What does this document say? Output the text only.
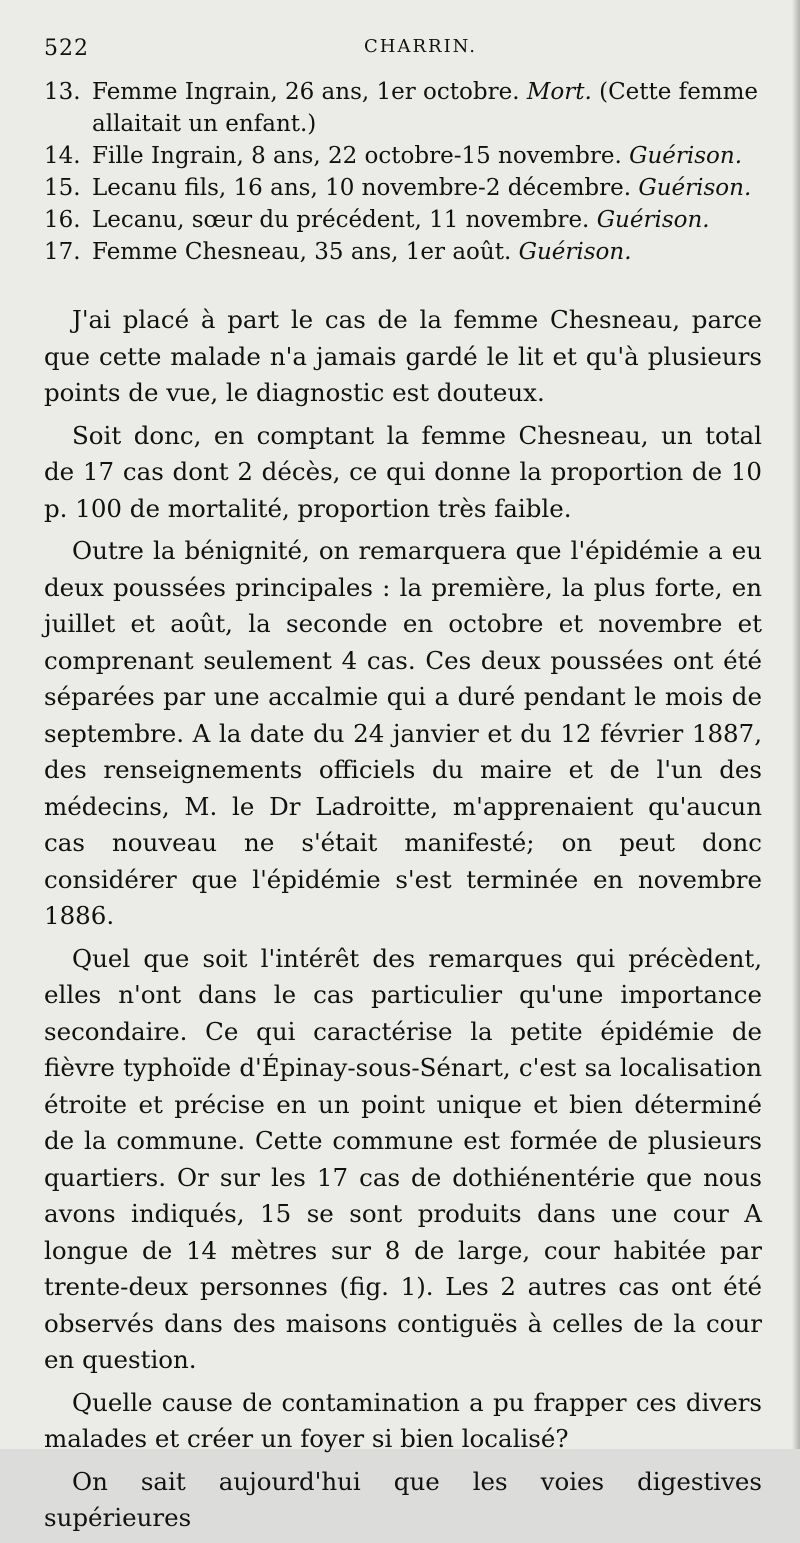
522	CHARRIN.
13. Femme Ingrain, 26 ans, 1er octobre. Mort. (Cette femme allaitait un enfant.)
14. Fille Ingrain, 8 ans, 22 octobre-15 novembre. Guérison.
15. Lecanu fils, 16 ans, 10 novembre-2 décembre. Guérison.
16. Lecanu, sœur du précédent, 11 novembre. Guérison.
17. Femme Chesneau, 35 ans, 1er août. Guérison.

J'ai placé à part le cas de la femme Chesneau, parce que cette malade n'a jamais gardé le lit et qu'à plusieurs points de vue, le diagnostic est douteux.

Soit donc, en comptant la femme Chesneau, un total de 17 cas dont 2 décès, ce qui donne la proportion de 10 p. 100 de mortalité, proportion très faible.

Outre la bénignité, on remarquera que l'épidémie a eu deux poussées principales : la première, la plus forte, en juillet et août, la seconde en octobre et novembre et comprenant seulement 4 cas. Ces deux poussées ont été séparées par une accalmie qui a duré pendant le mois de septembre. A la date du 24 janvier et du 12 février 1887, des renseignements officiels du maire et de l'un des médecins, M. le Dr Ladroitte, m'apprenaient qu'aucun cas nouveau ne s'était manifesté; on peut donc considérer que l'épidémie s'est terminée en novembre 1886.

Quel que soit l'intérêt des remarques qui précèdent, elles n'ont dans le cas particulier qu'une importance secondaire. Ce qui caractérise la petite épidémie de fièvre typhoïde d'Épinay-sous-Sénart, c'est sa localisation étroite et précise en un point unique et bien déterminé de la commune. Cette commune est formée de plusieurs quartiers. Or sur les 17 cas de dothiénentérie que nous avons indiqués, 15 se sont produits dans une cour A longue de 14 mètres sur 8 de large, cour habitée par trente-deux personnes (fig. 1). Les 2 autres cas ont été observés dans des maisons contiguës à celles de la cour en question.

Quelle cause de contamination a pu frapper ces divers malades et créer un foyer si bien localisé?

On sait aujourd'hui que les voies digestives supérieures
